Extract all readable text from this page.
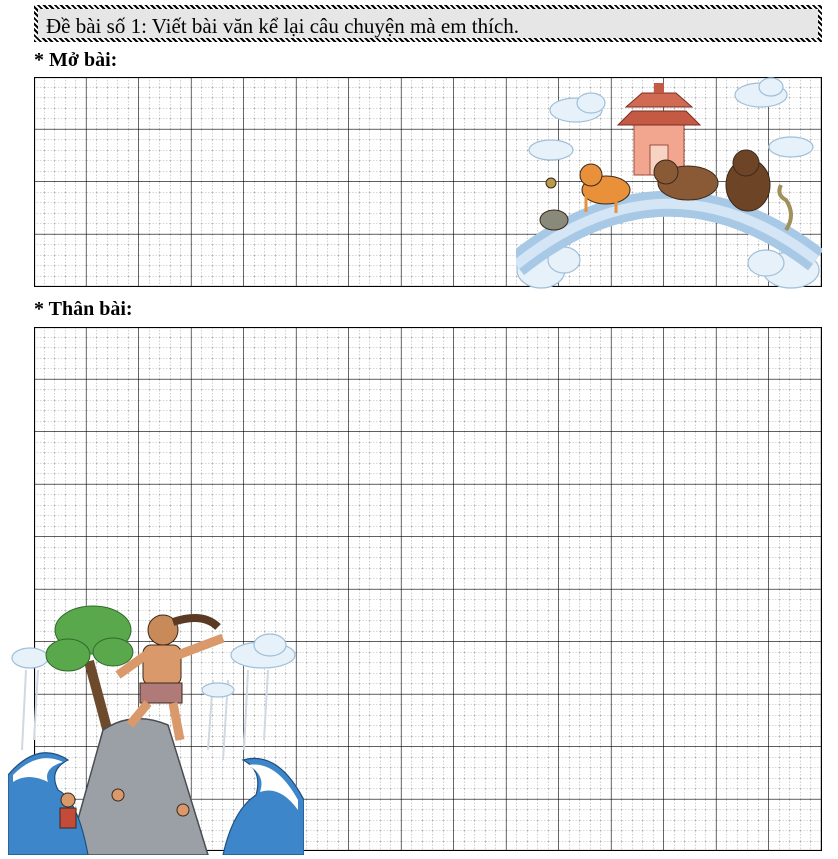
Đề bài số 1: Viết bài văn kể lại câu chuyện mà em thích.
* Mở bài:
* Thân bài:
